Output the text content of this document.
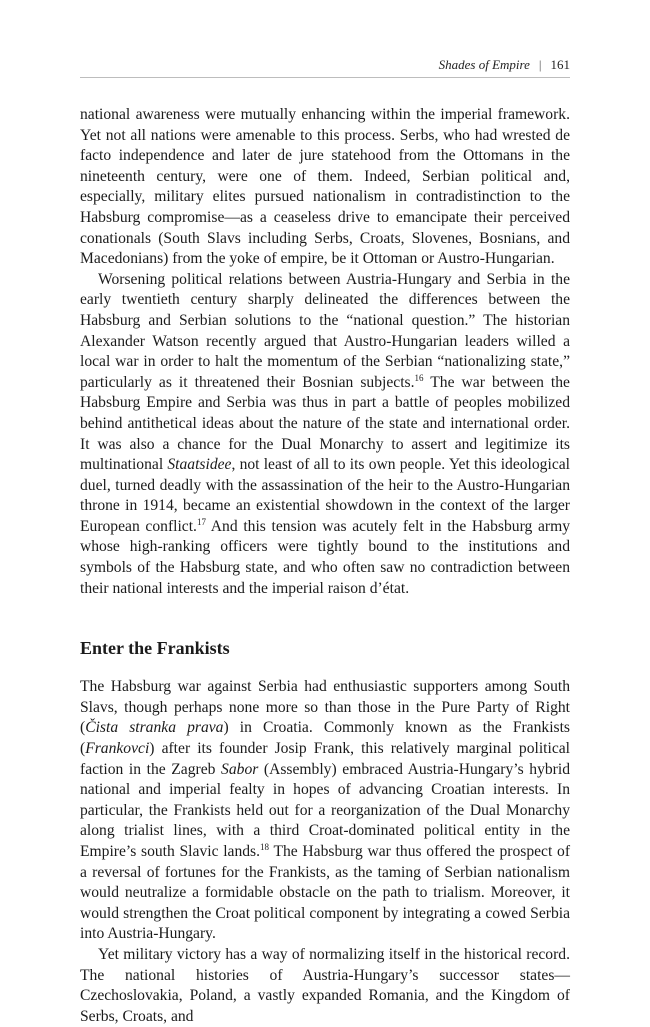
Shades of Empire | 161

national awareness were mutually enhancing within the imperial framework. Yet not all nations were amenable to this process. Serbs, who had wrested de facto independence and later de jure statehood from the Ottomans in the nineteenth century, were one of them. Indeed, Serbian political and, especially, military elites pursued nationalism in contradistinction to the Habsburg compromise—as a ceaseless drive to emancipate their perceived conationals (South Slavs including Serbs, Croats, Slovenes, Bosnians, and Macedonians) from the yoke of empire, be it Ottoman or Austro-Hungarian.

Worsening political relations between Austria-Hungary and Serbia in the early twentieth century sharply delineated the differences between the Habsburg and Serbian solutions to the “national question.” The historian Alexander Watson recently argued that Austro-Hungarian leaders willed a local war in order to halt the momentum of the Serbian “nationalizing state,” particularly as it threatened their Bosnian subjects.$^{16}$ The war between the Habsburg Empire and Serbia was thus in part a battle of peoples mobilized behind antithetical ideas about the nature of the state and international order. It was also a chance for the Dual Monarchy to assert and legitimize its multinational Staatsidee, not least of all to its own people. Yet this ideological duel, turned deadly with the assassination of the heir to the Austro-Hungarian throne in 1914, became an existential showdown in the context of the larger European conflict.$^{17}$ And this tension was acutely felt in the Habsburg army whose high-ranking officers were tightly bound to the institutions and symbols of the Habsburg state, and who often saw no contradiction between their national interests and the imperial raison d’état.

Enter the Frankists

The Habsburg war against Serbia had enthusiastic supporters among South Slavs, though perhaps none more so than those in the Pure Party of Right (Čista stranka prava) in Croatia. Commonly known as the Frankists (Frankovci) after its founder Josip Frank, this relatively marginal political faction in the Zagreb Sabor (Assembly) embraced Austria-Hungary’s hybrid national and imperial fealty in hopes of advancing Croatian interests. In particular, the Frankists held out for a reorganization of the Dual Monarchy along trialist lines, with a third Croat-dominated political entity in the Empire’s south Slavic lands.$^{18}$ The Habsburg war thus offered the prospect of a reversal of fortunes for the Frankists, as the taming of Serbian nationalism would neutralize a formidable obstacle on the path to trialism. Moreover, it would strengthen the Croat political component by integrating a cowed Serbia into Austria-Hungary.

Yet military victory has a way of normalizing itself in the historical record. The national histories of Austria-Hungary’s successor states—Czechoslovakia, Poland, a vastly expanded Romania, and the Kingdom of Serbs, Croats, and
